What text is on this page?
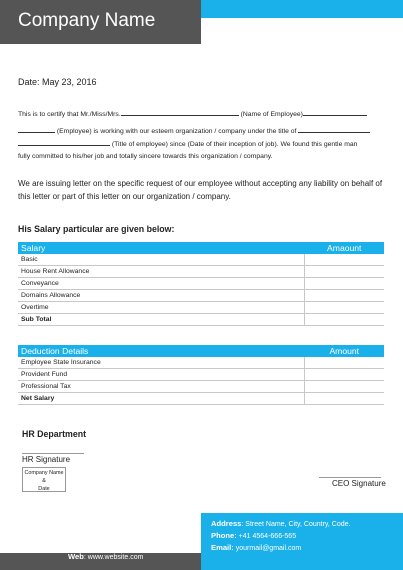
Company Name
Date: May 23, 2016
This is to certify that Mr./Miss/Mrs.	(Name of Employee)
(Employee) is working with our esteem organization / company under the title of
(Title of employee) since (Date of their inception of job). We found this gentle man
fully committed to his/her job and totally sincere towards this organization / company.
We are issuing letter on the specific request of our employee without accepting any liability on behalf of
this letter or part of this letter on our organization / company.
His Salary particular are given below:
Salary	Amaount
Basic	
House Rent Allowance	
Conveyance	
Domains Allowance	
Overtime	
Sub Total	
Deduction Details	Amount
Employee State Insurance	
Provident Fund	
Professional Tax	
Net Salary	
HR Department
HR Signature
Company Name
&
Date
CEO Signature
Address: Street Name, City, Country, Code.
Phone: +41 4564-666-565
Email: yourmail@gmail.com
Web: www.website.com
